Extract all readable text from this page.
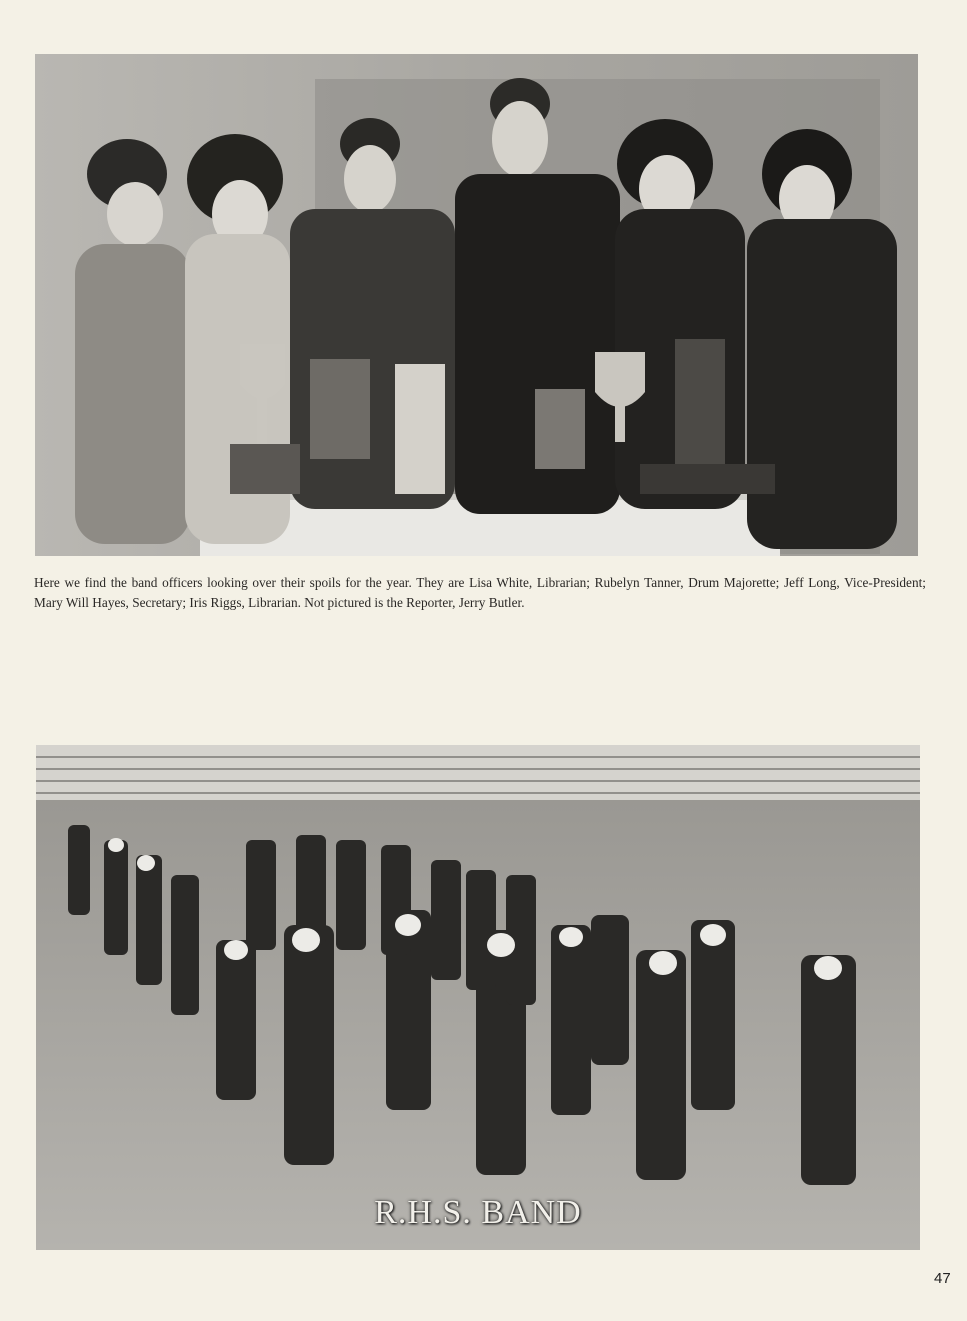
Here we find the band officers looking over their spoils for the year. They are Lisa White, Librarian; Rubelyn Tanner, Drum Majorette; Jeff Long, Vice-President; Mary Will Hayes, Secretary; Iris Riggs, Librarian. Not pictured is the Reporter, Jerry Butler.
R.H.S. BAND
47
